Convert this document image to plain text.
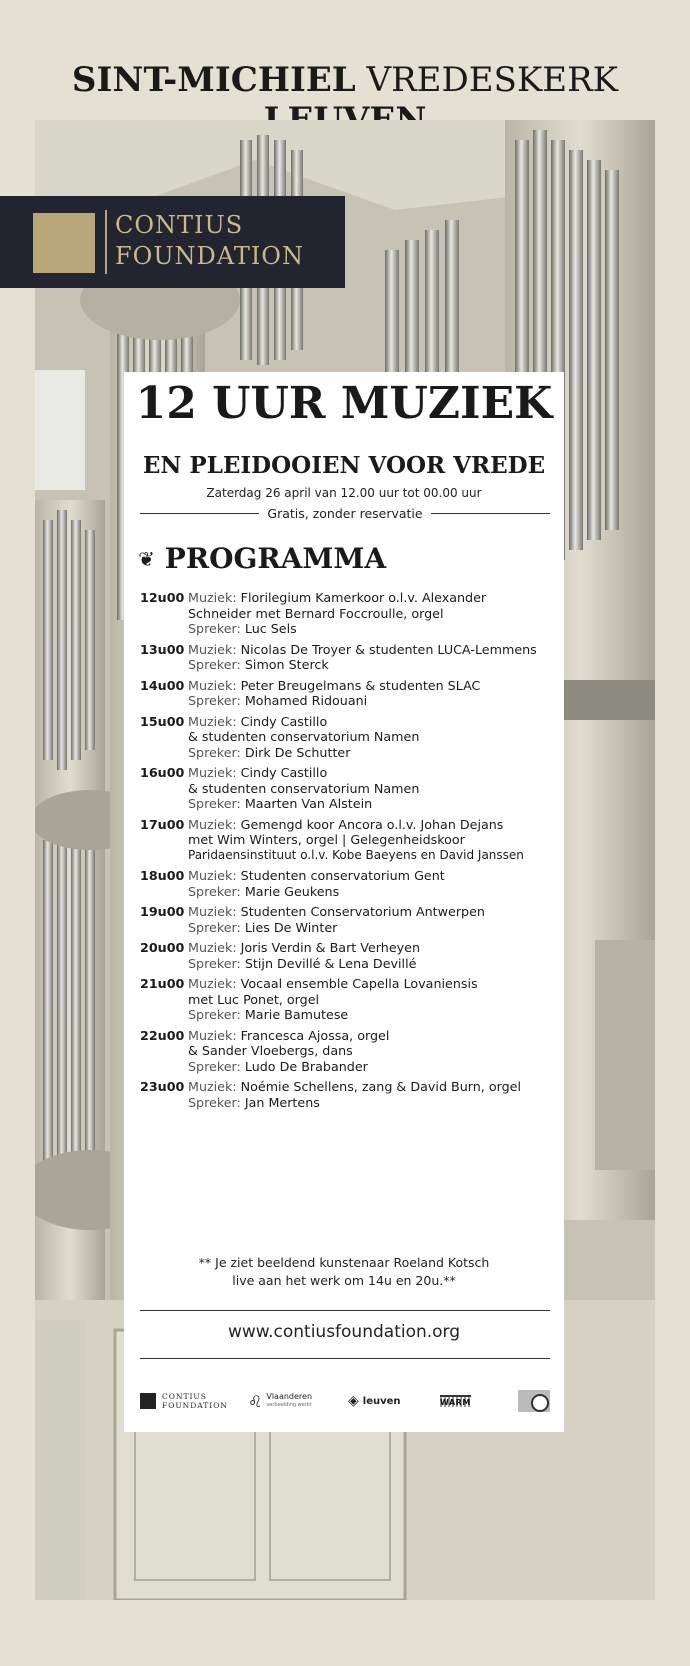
SINT-MICHIEL VREDESKERK
CONTIUS
FOUNDATION
12 UUR MUZIEK
EN PLEIDOOIEN VOOR VREDE
Zaterdag 26 april van 12.00 uur tot 00.00 uur
Gratis, zonder reservatie
❦ PROGRAMMA
12u00 Muziek: Florilegium Kamerkoor o.l.v. Alexander
Schneider met Bernard Foccroulle, orgel
Spreker: Luc Sels
13u00 Muziek: Nicolas De Troyer & studenten LUCA-Lemmens
Spreker: Simon Sterck
14u00 Muziek: Peter Breugelmans & studenten SLAC
Spreker: Mohamed Ridouani
15u00 Muziek: Cindy Castillo
& studenten conservatorium Namen
Spreker: Dirk De Schutter
16u00 Muziek: Cindy Castillo
& studenten conservatorium Namen
Spreker: Maarten Van Alstein
17u00 Muziek: Gemengd koor Ancora o.l.v. Johan Dejans
met Wim Winters, orgel | Gelegenheidskoor
Paridaensinstituut o.l.v. Kobe Baeyens en David Janssen
18u00 Muziek: Studenten conservatorium Gent
Spreker: Marie Geukens
19u00 Muziek: Studenten Conservatorium Antwerpen
Spreker: Lies De Winter
20u00 Muziek: Joris Verdin & Bart Verheyen
Spreker: Stijn Devillé & Lena Devillé
21u00 Muziek: Vocaal ensemble Capella Lovaniensis
met Luc Ponet, orgel
Spreker: Marie Bamutese
22u00 Muziek: Francesca Ajossa, orgel
& Sander Vloebergs, dans
Spreker: Ludo De Brabander
23u00 Muziek: Noémie Schellens, zang & David Burn, orgel
Spreker: Jan Mertens
** Je ziet beeldend kunstenaar Roeland Kotsch
live aan het werk om 14u en 20u.**
www.contiusfoundation.org
CONTIUS
FOUNDATION ♌ Vlaanderen
verbeelding werkt	◈ leuven	WARM
